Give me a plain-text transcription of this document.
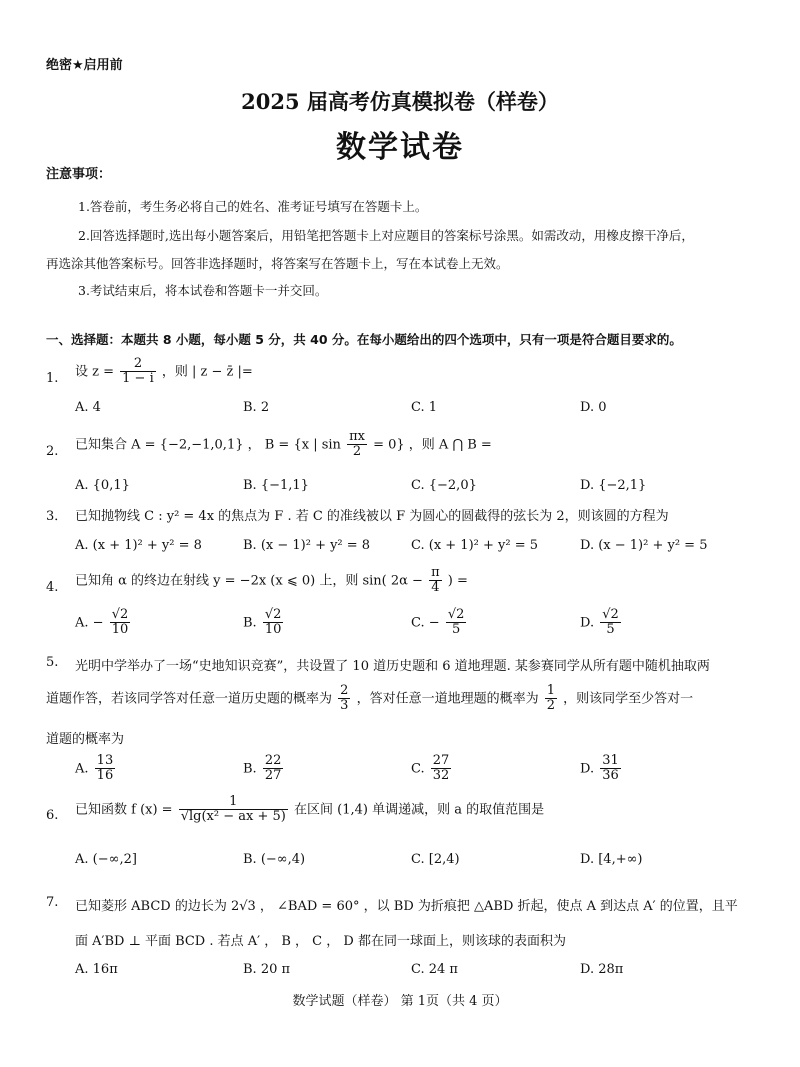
绝密★启用前
2025 届高考仿真模拟卷（样卷）
数学试卷
注意事项：
1.答卷前，考生务必将自己的姓名、准考证号填写在答题卡上。
2.回答选择题时,选出每小题答案后，用铅笔把答题卡上对应题目的答案标号涂黑。如需改动，用橡皮擦干净后，
再选涂其他答案标号。回答非选择题时，将答案写在答题卡上，写在本试卷上无效。
3.考试结束后，将本试卷和答题卡一并交回。
一、选择题：本题共 8 小题，每小题 5 分，共 40 分。在每小题给出的四个选项中，只有一项是符合题目要求的。
1. 设 $z = \frac{2}{1 - i}$ ，则 | z − z̄ |=
A. 4	B. 2	C. 1	D. 0
2. 已知集合 A = {−2,−1,0,1} ， B = {x | $\sin \frac{\pi x}{2} = 0$} ，则 A ⋂ B =
A. {0,1}	B. {−1,1}	C. {−2,0}	D. {−2,1}
3． 已知抛物线 C : y² = 4x 的焦点为 F . 若 C 的准线被以 F 为圆心的圆截得的弦长为 2，则该圆的方程为
A. (x + 1)² + y² = 8	B. (x − 1)² + y² = 8	C. (x + 1)² + y² = 5	D. (x − 1)² + y² = 5
4. 已知角 α 的终边在射线 y = −2x (x ⩽ 0) 上，则 sin( $2\alpha - \frac{\pi}{4}$ ) =
A. − $\frac{√2}{10}$	B. $\frac{√2}{10}$	C. − $\frac{√2}{5}$	D. $\frac{√2}{5}$
5. 光明中学举办了一场“史地知识竞赛”，共设置了 10 道历史题和 6 道地理题. 某参赛同学从所有题中随机抽取两
道题作答，若该同学答对任意一道历史题的概率为 $\frac{2}{3}$ ，答对任意一道地理题的概率为 $\frac{1}{2}$ ，则该同学至少答对一
道题的概率为
A. $\frac{13}{16}$	B. $\frac{22}{27}$	C. $\frac{27}{32}$	D. $\frac{31}{36}$
6. 已知函数 f $(x) = \frac{1}{\text{√lg(x² − ax + 5)}}$ 在区间 (1,4) 单调递减，则 a 的取值范围是
A. (−∞,2]	B. (−∞,4)	C. [2,4)	D. [4,+∞)
7. 已知菱形 ABCD 的边长为 2√3 ， ∠BAD = 60° ，以 BD 为折痕把 △ABD 折起，使点 A 到达点 A′ 的位置，且平
面 A′BD ⊥ 平面 BCD . 若点 A′ ， B ， C ， D 都在同一球面上，则该球的表面积为
A. 16π	B. 20 π	C. 24 π	D. 28π
数学试题（样卷） 第 1页（共 4 页）
